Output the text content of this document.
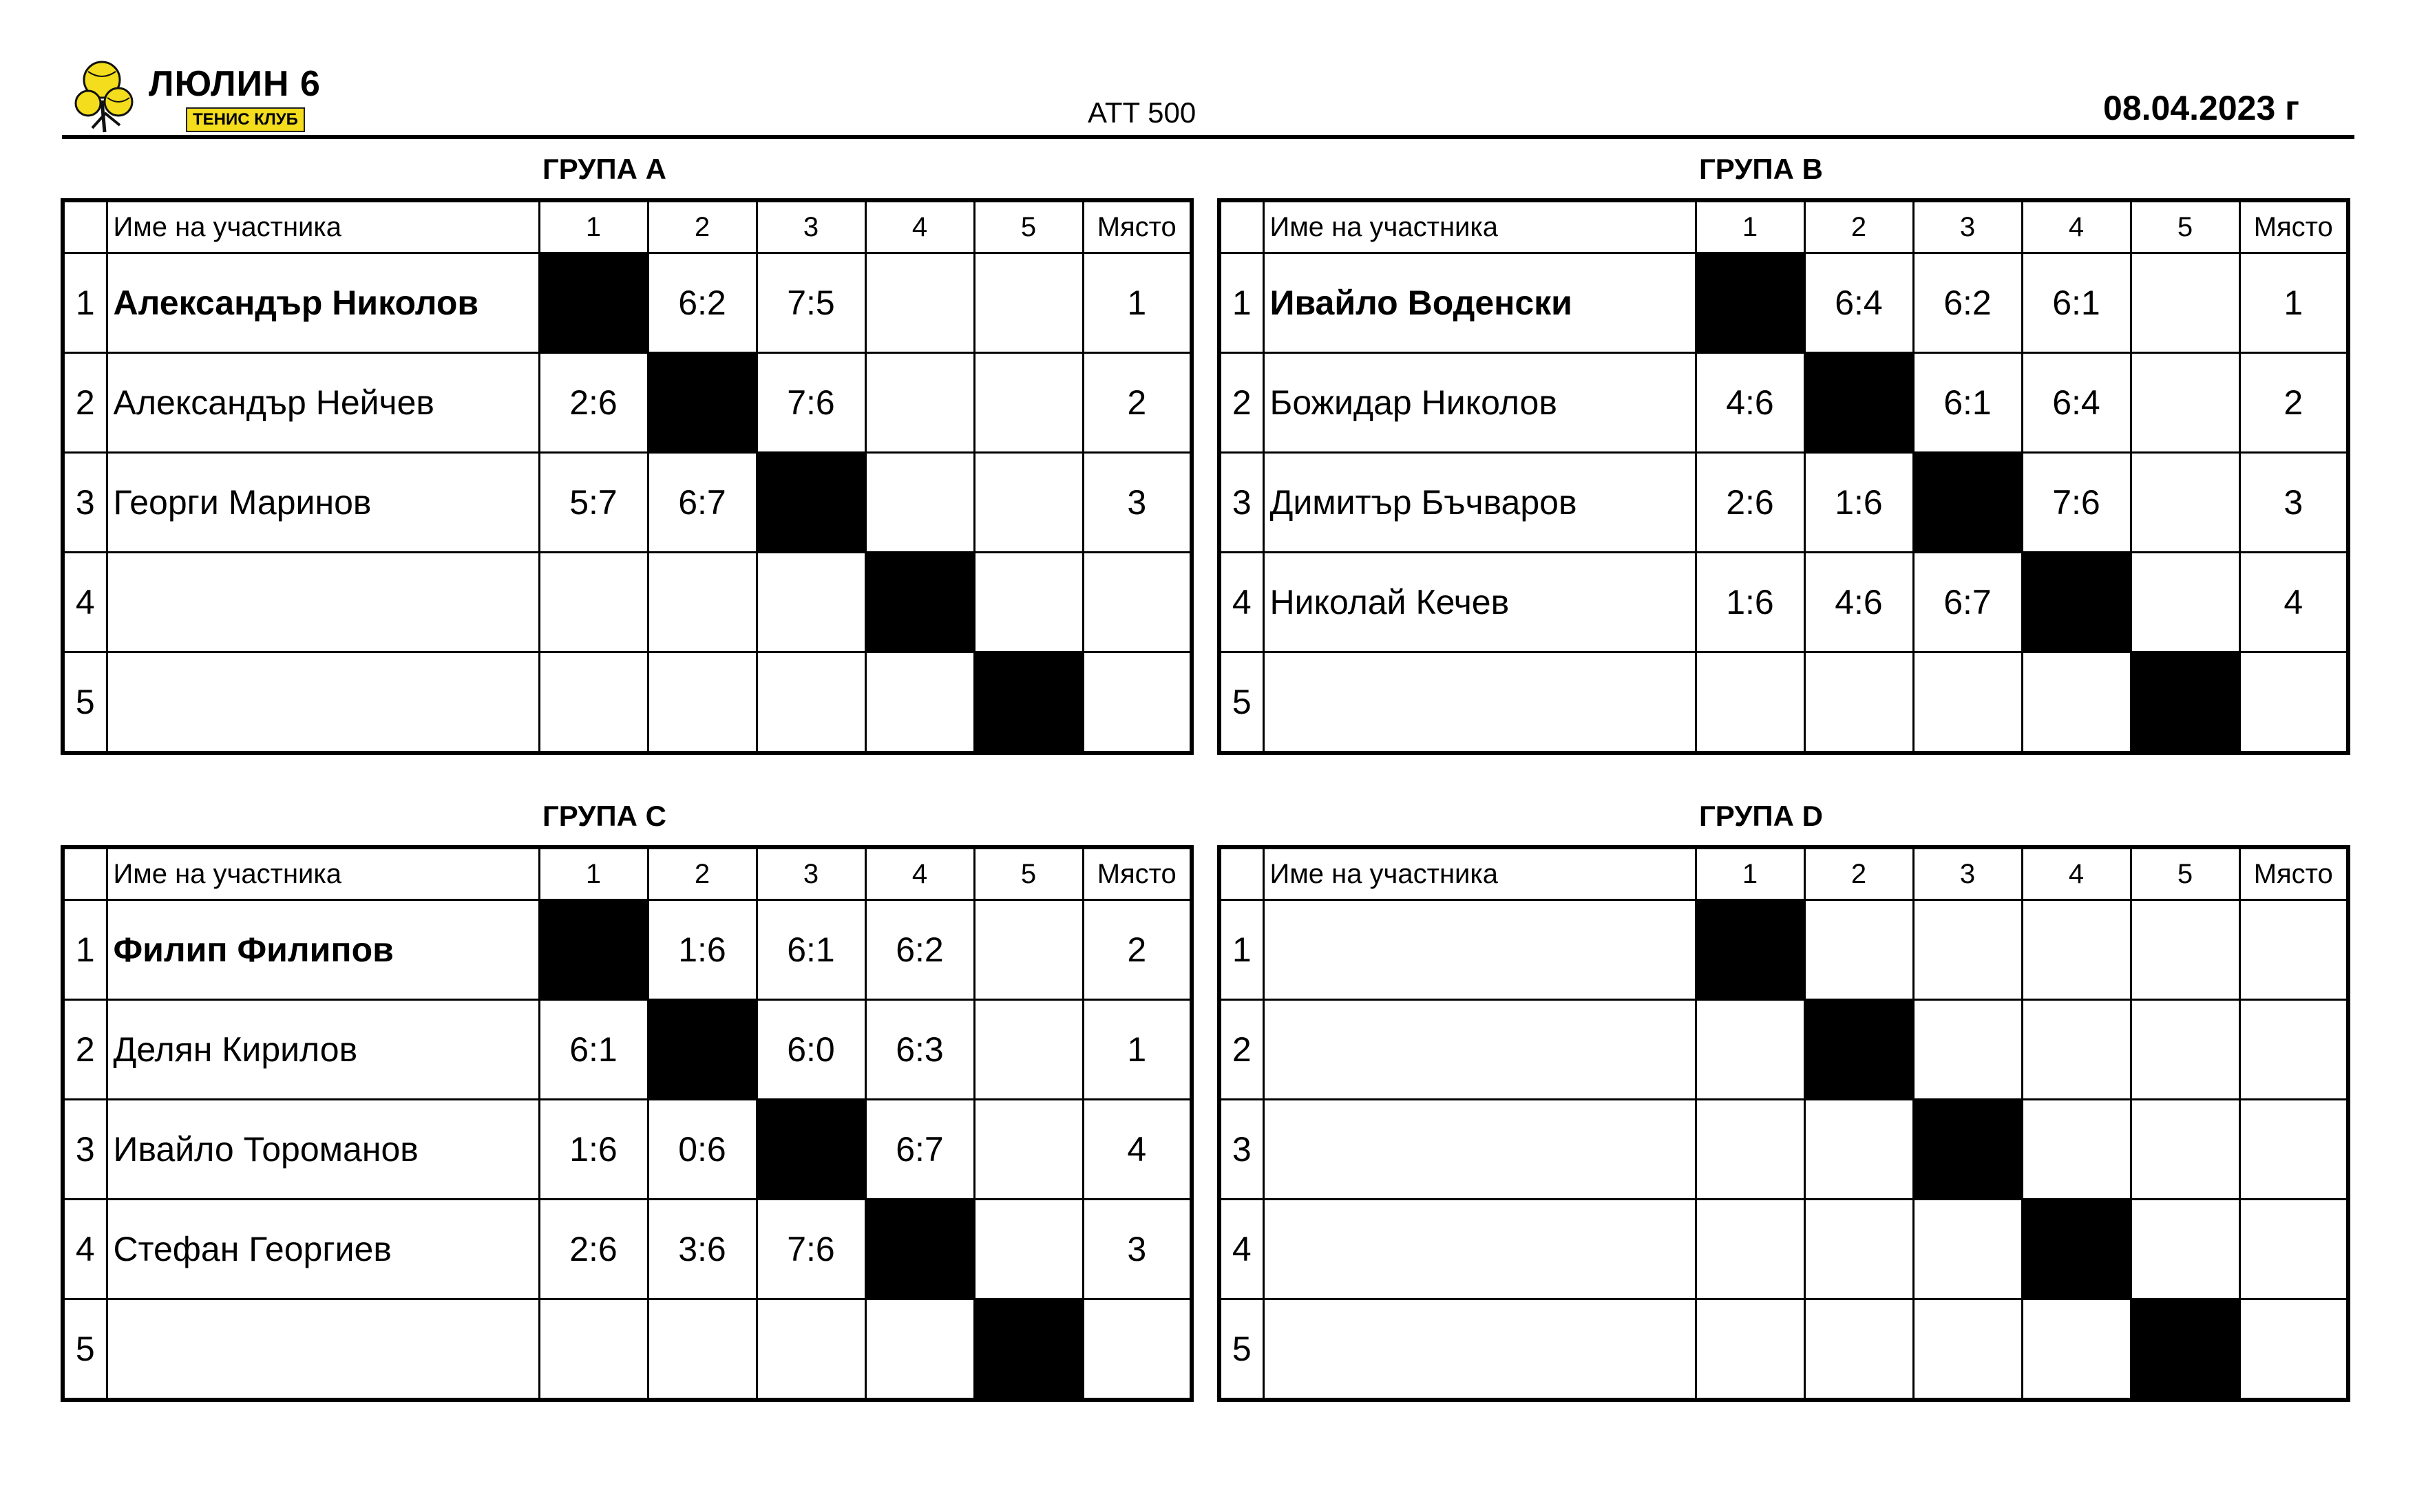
ЛЮЛИН 6
ТЕНИС КЛУБ	ATT 500	08.04.2023 г
ГРУПА А
	Име на участника	1	2	3	4	5	Място
1	Александър Николов		6:2	7:5			1
2	Александър Нейчев	2:6		7:6			2
3	Георги Маринов	5:7	6:7				3
4							
5							
ГРУПА B
	Име на участника	1	2	3	4	5	Място
1	Ивайло Воденски		6:4	6:2	6:1		1
2	Божидар Николов	4:6		6:1	6:4		2
3	Димитър Бъчваров	2:6	1:6		7:6		3
4	Николай Кечев	1:6	4:6	6:7			4
5							
ГРУПА C
	Име на участника	1	2	3	4	5	Място
1	Филип Филипов		1:6	6:1	6:2		2
2	Делян Кирилов	6:1		6:0	6:3		1
3	Ивайло Тороманов	1:6	0:6		6:7		4
4	Стефан Георгиев	2:6	3:6	7:6			3
5							
ГРУПА D
	Име на участника	1	2	3	4	5	Място
1							
2							
3							
4							
5							
